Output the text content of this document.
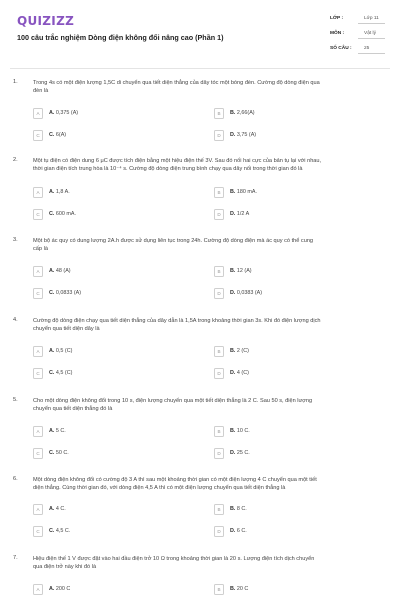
QUIZIZZ
100 câu trắc nghiệm Dòng điện không đổi nâng cao (Phần 1)
LỚP :	Lớp 11
MÔN :	Vật lý
SỐ CÂU :	25
1.	Trong 4s có một điện lượng 1,5C di chuyển qua tiết diện thẳng của dây tóc một bóng đèn. Cường độ dòng điện qua
đèn là
A	A. 0,375 (A)	B	B. 2,66(A)
C	C. 6(A)	D	D. 3,75 (A)
2.	Một tụ điện có điện dung 6 μC được tích điện bằng một hiệu điện thế 3V. Sau đó nối hai cực của bản tụ lại với nhau,
thời gian điện tích trung hòa là 10⁻⁴ s. Cường độ dòng điện trung bình chạy qua dây nối trong thời gian đó là
A	A. 1,8 A.	B	B. 180 mA.
C	C. 600 mA.	D	D. 1/2 A
3.	Một bộ ác quy có dung lượng 2A.h được sử dụng liên tục trong 24h. Cường độ dòng điện mà ác quy có thể cung
cấp là
A	A. 48 (A)	B	B. 12 (A)
C	C. 0,0833 (A)	D	D. 0,0383 (A)
4.	Cường độ dòng điện chạy qua tiết diện thẳng của dây dẫn là 1,5A trong khoảng thời gian 3s. Khi đó điện lượng dịch
chuyển qua tiết diện dây là
A	A. 0,5 (C)	B	B. 2 (C)
C	C. 4,5 (C)	D	D. 4 (C)
5.	Cho một dòng điện không đổi trong 10 s, điện lượng chuyển qua một tiết diện thẳng là 2 C. Sau 50 s, điện lượng
chuyển qua tiết diện thẳng đó là
A	A. 5 C.	B	B. 10 C.
C	C. 50 C.	D	D. 25 C.
6.	Một dòng điện không đổi có cường độ 3 A thì sau một khoảng thời gian có một điện lượng 4 C chuyển qua một tiết
diện thẳng. Cùng thời gian đó, với dòng điện 4,5 A thì có một điện lượng chuyển qua tiết diện thẳng là
A	A. 4 C.	B	B. 8 C.
C	C. 4,5 C.	D	D. 6 C.
7.	Hiệu điện thế 1 V được đặt vào hai đầu điện trở 10 Ω trong khoảng thời gian là 20 s. Lượng điện tích dịch chuyển
qua điện trở này khi đó là
A	A. 200 C	B	B. 20 C
